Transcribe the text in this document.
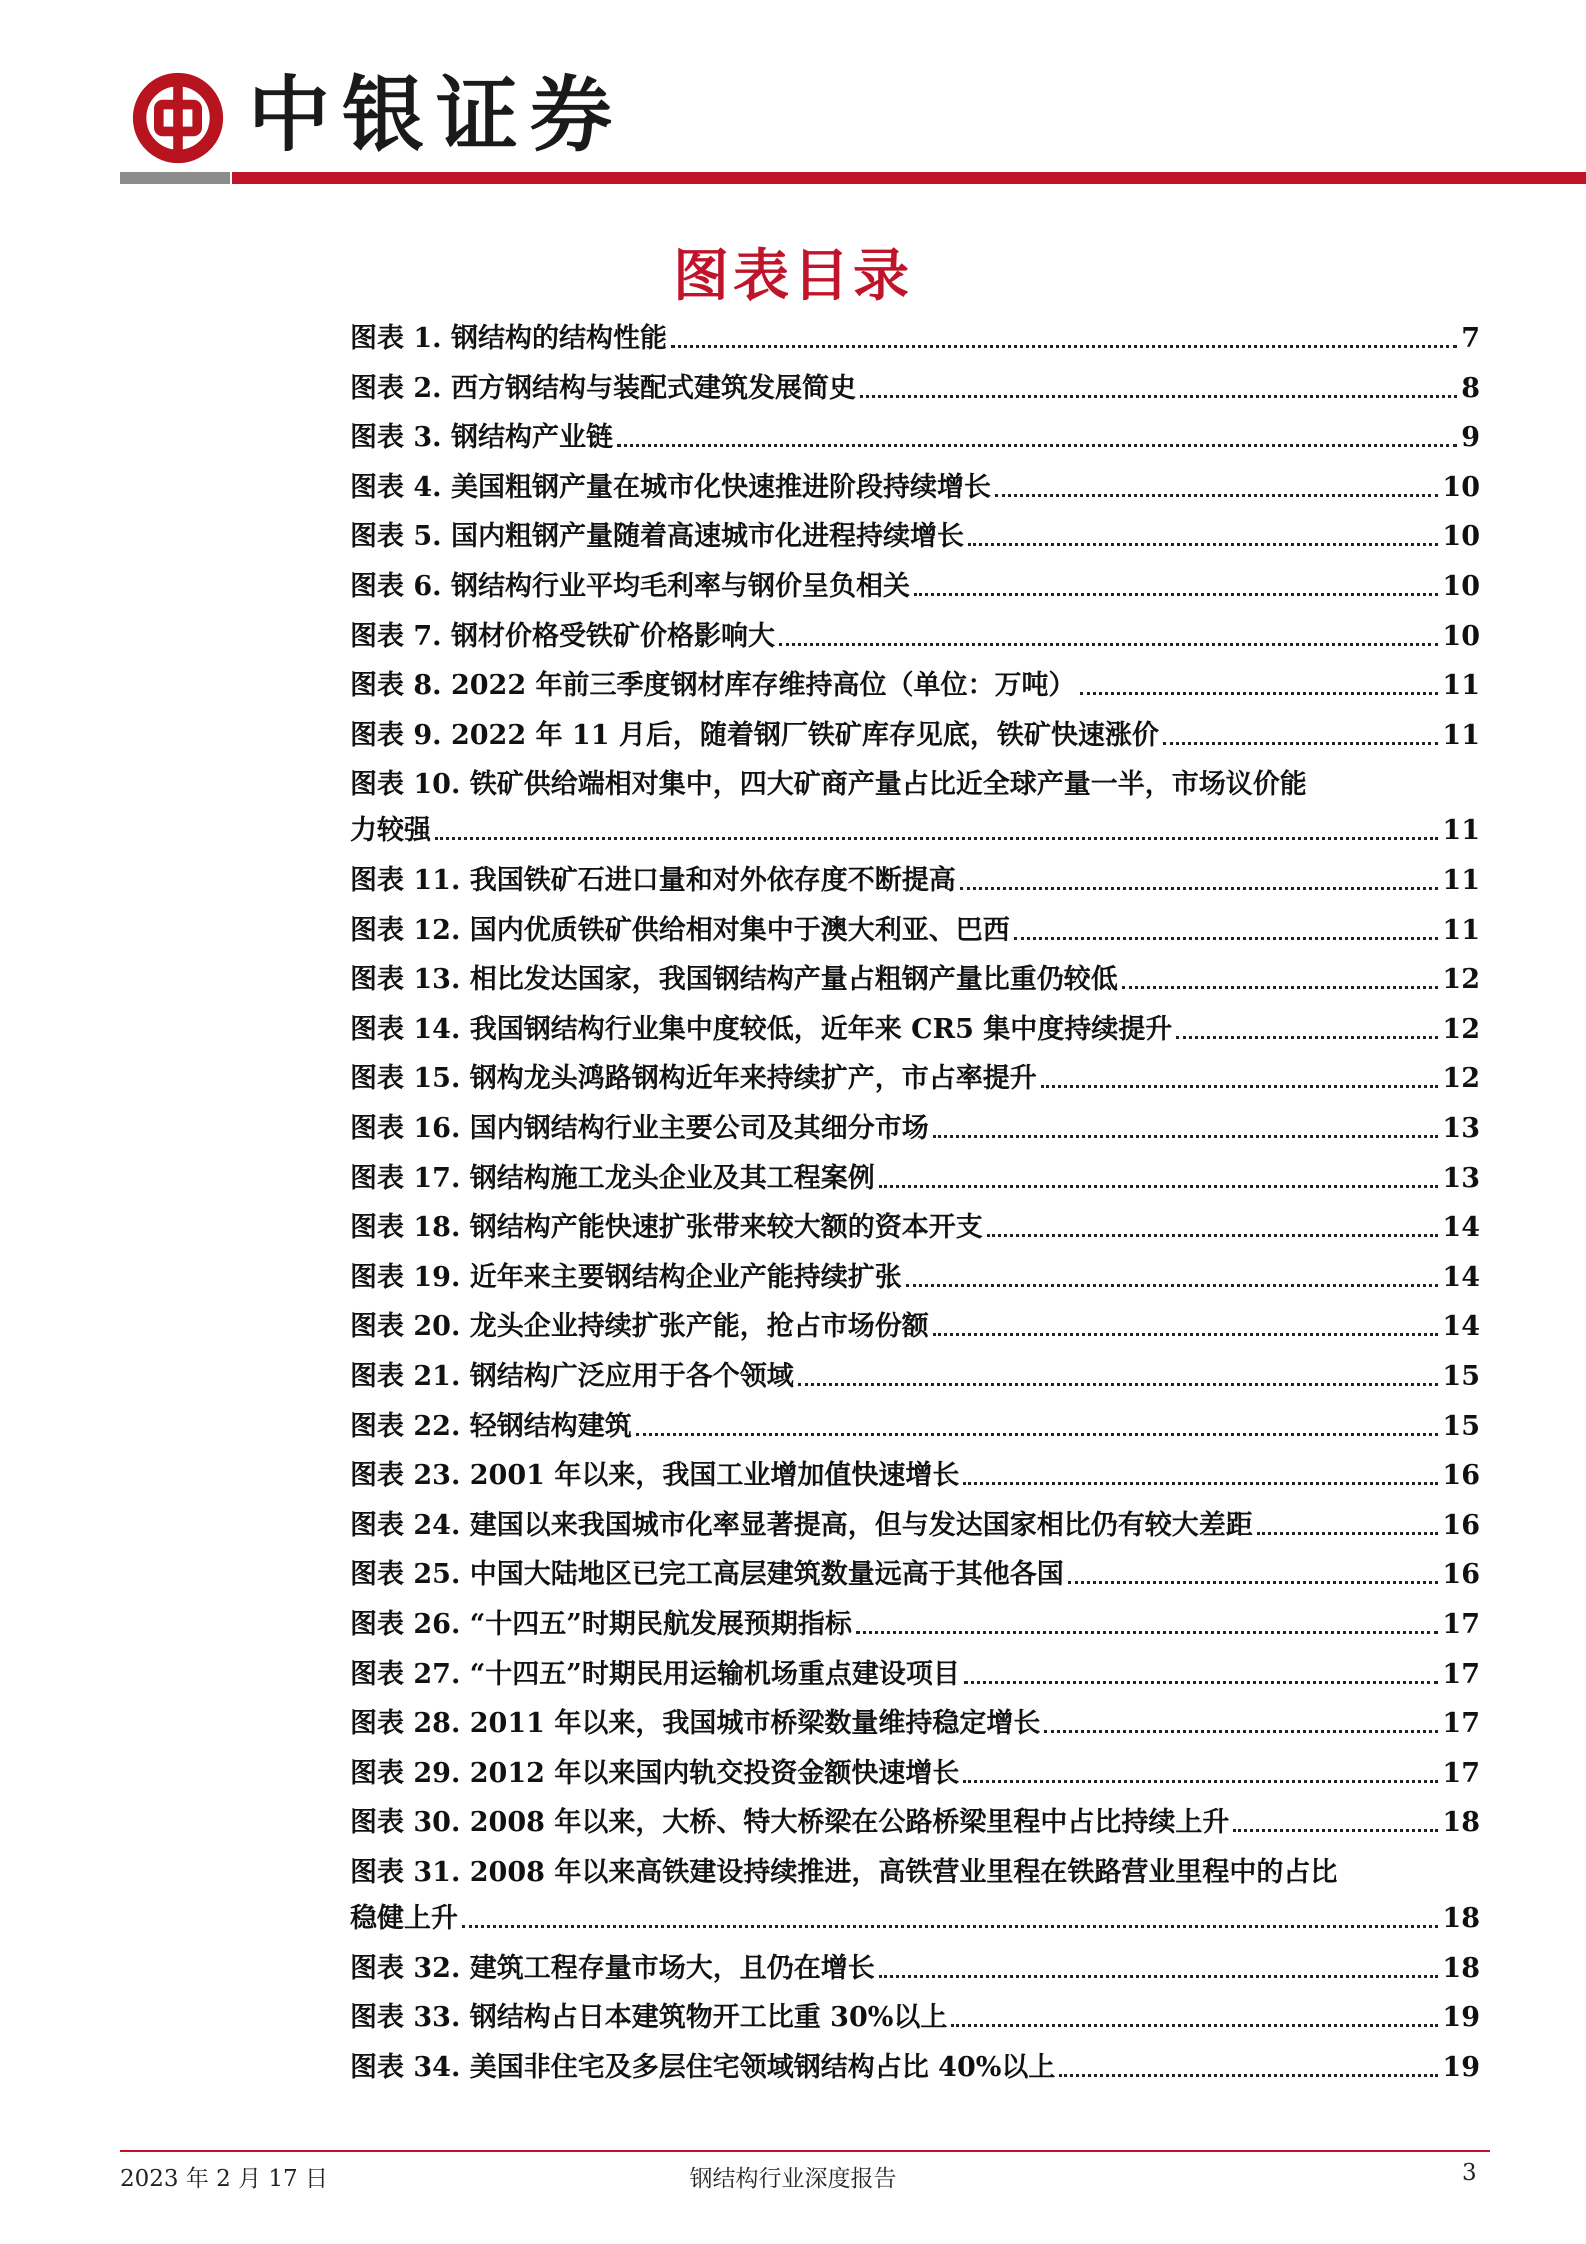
中银证券
图表目录
图表 1. 钢结构的结构性能	7
图表 2. 西方钢结构与装配式建筑发展简史	8
图表 3. 钢结构产业链	9
图表 4. 美国粗钢产量在城市化快速推进阶段持续增长	10
图表 5. 国内粗钢产量随着高速城市化进程持续增长	10
图表 6. 钢结构行业平均毛利率与钢价呈负相关	10
图表 7. 钢材价格受铁矿价格影响大	10
图表 8. 2022 年前三季度钢材库存维持高位（单位：万吨）	11
图表 9. 2022 年 11 月后，随着钢厂铁矿库存见底，铁矿快速涨价	11
图表 10. 铁矿供给端相对集中，四大矿商产量占比近全球产量一半，市场议价能
力较强	11
图表 11. 我国铁矿石进口量和对外依存度不断提高	11
图表 12. 国内优质铁矿供给相对集中于澳大利亚、巴西	11
图表 13. 相比发达国家，我国钢结构产量占粗钢产量比重仍较低	12
图表 14. 我国钢结构行业集中度较低，近年来 CR5 集中度持续提升	12
图表 15. 钢构龙头鸿路钢构近年来持续扩产，市占率提升	12
图表 16. 国内钢结构行业主要公司及其细分市场	13
图表 17. 钢结构施工龙头企业及其工程案例	13
图表 18. 钢结构产能快速扩张带来较大额的资本开支	14
图表 19. 近年来主要钢结构企业产能持续扩张	14
图表 20. 龙头企业持续扩张产能，抢占市场份额	14
图表 21. 钢结构广泛应用于各个领域	15
图表 22. 轻钢结构建筑	15
图表 23. 2001 年以来，我国工业增加值快速增长	16
图表 24. 建国以来我国城市化率显著提高，但与发达国家相比仍有较大差距	16
图表 25. 中国大陆地区已完工高层建筑数量远高于其他各国	16
图表 26. “十四五”时期民航发展预期指标	17
图表 27. “十四五”时期民用运输机场重点建设项目	17
图表 28. 2011 年以来，我国城市桥梁数量维持稳定增长	17
图表 29. 2012 年以来国内轨交投资金额快速增长	17
图表 30. 2008 年以来，大桥、特大桥梁在公路桥梁里程中占比持续上升	18
图表 31. 2008 年以来高铁建设持续推进，高铁营业里程在铁路营业里程中的占比
稳健上升	18
图表 32. 建筑工程存量市场大，且仍在增长	18
图表 33. 钢结构占日本建筑物开工比重 30%以上	19
图表 34. 美国非住宅及多层住宅领域钢结构占比 40%以上	19
2023 年 2 月 17 日	钢结构行业深度报告	3
